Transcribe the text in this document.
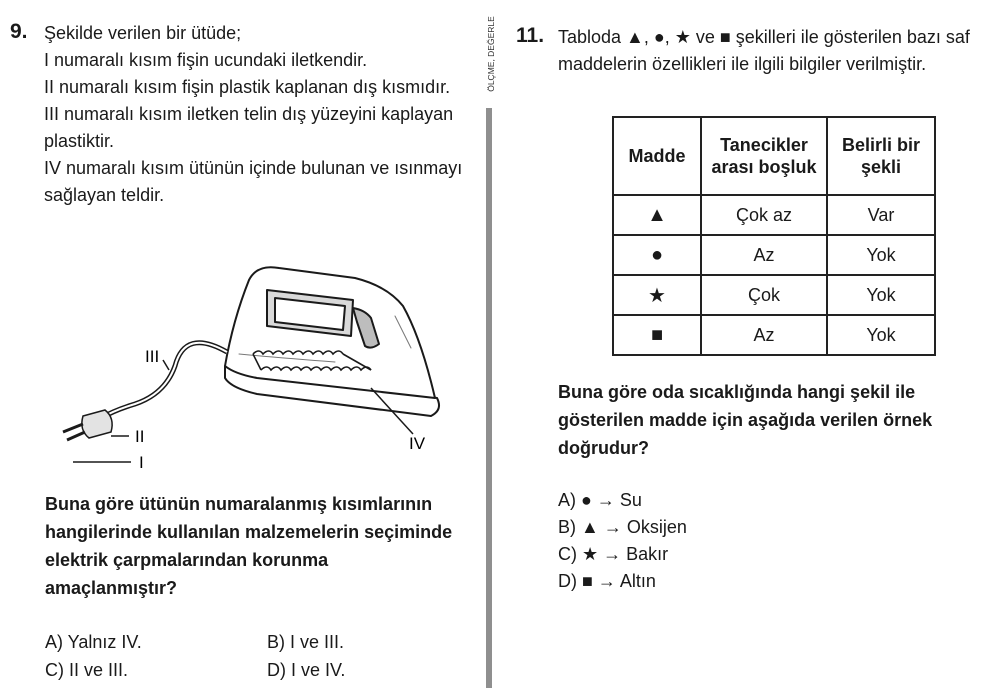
ÖLÇME, DEĞERLE
9. Şekilde verilen bir ütüde;

I numaralı kısım fişin ucundaki iletkendir.

II numaralı kısım fişin plastik kaplanan dış kısmıdır.

III numaralı kısım iletken telin dış yüzeyini kaplayan plastiktir.

IV numaralı kısım ütünün içinde bulunan ve ısınmayı sağlayan teldir.

III
II
I
IV
Buna göre ütünün numaralanmış kısımlarının hangilerinde kullanılan malzemelerin seçiminde elektrik çarpmalarından korunma amaçlanmıştır?
A) Yalnız IV.	B) I ve III.
C) II ve III.	D) I ve IV.
11. Tabloda ▲, ●, ★ ve ■ şekilleri ile gösterilen bazı saf maddelerin özellikleri ile ilgili bilgiler verilmiştir.
Madde	Tanecikler arası boşluk	Belirli bir şekli
▲	Çok az	Var
●	Az	Yok
★	Çok	Yok
■	Az	Yok
Buna göre oda sıcaklığında hangi şekil ile gösterilen madde için aşağıda verilen örnek doğrudur?
A) ● → Su
B) ▲ → Oksijen
C) ★ → Bakır
D) ■ → Altın
